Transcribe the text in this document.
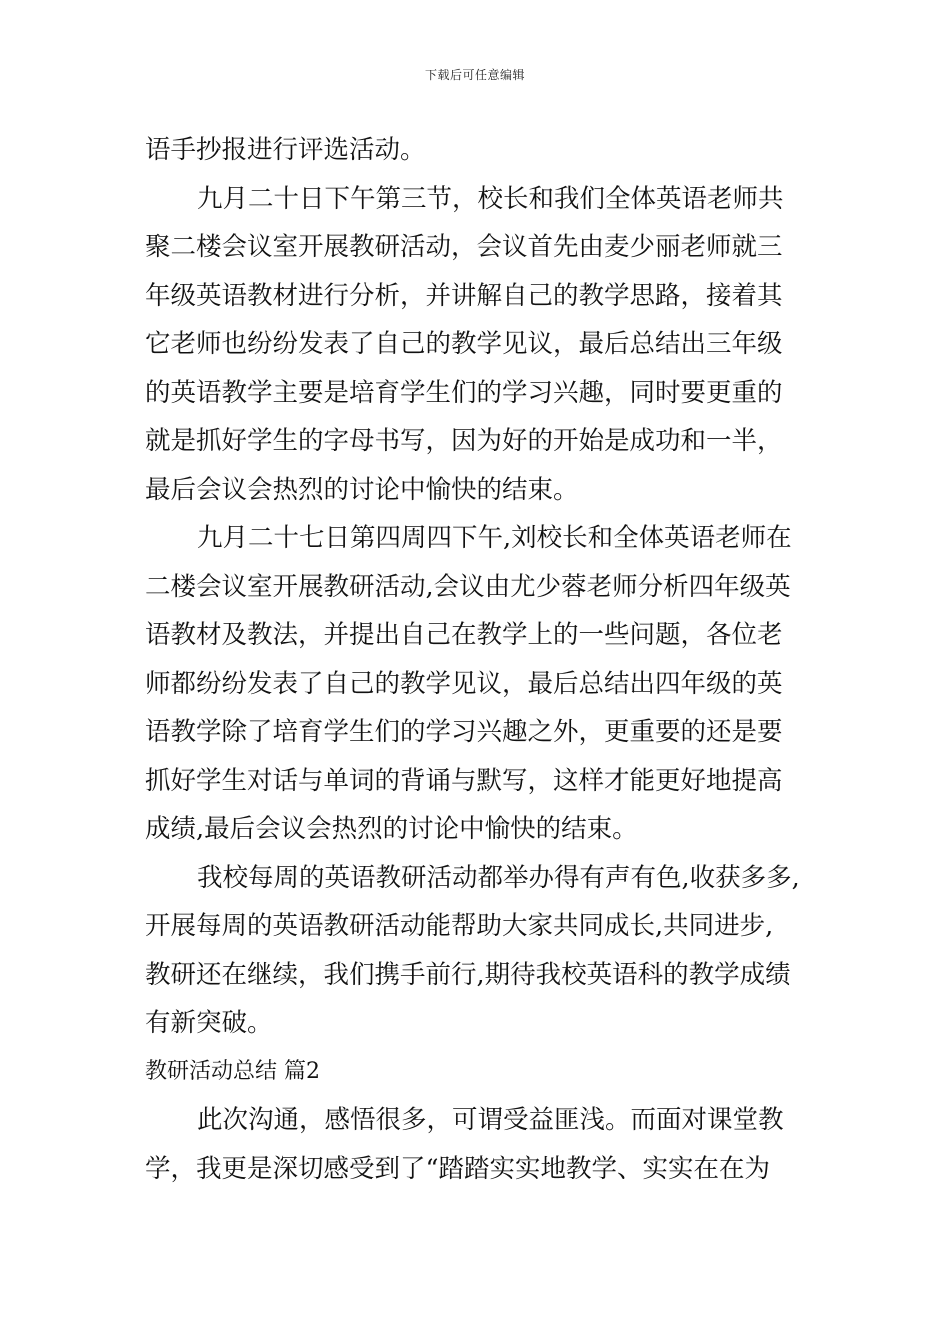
下载后可任意编辑
语手抄报进行评选活动。
九月二十日下午第三节，校长和我们全体英语老师共
聚二楼会议室开展教研活动，会议首先由麦少丽老师就三
年级英语教材进行分析，并讲解自己的教学思路，接着其
它老师也纷纷发表了自己的教学见议，最后总结出三年级
的英语教学主要是培育学生们的学习兴趣，同时要更重的
就是抓好学生的字母书写，因为好的开始是成功和一半，
最后会议会热烈的讨论中愉快的结束。
九月二十七日第四周四下午,刘校长和全体英语老师在
二楼会议室开展教研活动,会议由尤少蓉老师分析四年级英
语教材及教法，并提出自己在教学上的一些问题，各位老
师都纷纷发表了自己的教学见议，最后总结出四年级的英
语教学除了培育学生们的学习兴趣之外，更重要的还是要
抓好学生对话与单词的背诵与默写，这样才能更好地提高
成绩,最后会议会热烈的讨论中愉快的结束。
我校每周的英语教研活动都举办得有声有色,收获多多,
开展每周的英语教研活动能帮助大家共同成长,共同进步,
教研还在继续，我们携手前行,期待我校英语科的教学成绩
有新突破。
教研活动总结 篇2
此次沟通，感悟很多，可谓受益匪浅。而面对课堂教
学，我更是深切感受到了“踏踏实实地教学、实实在在为
